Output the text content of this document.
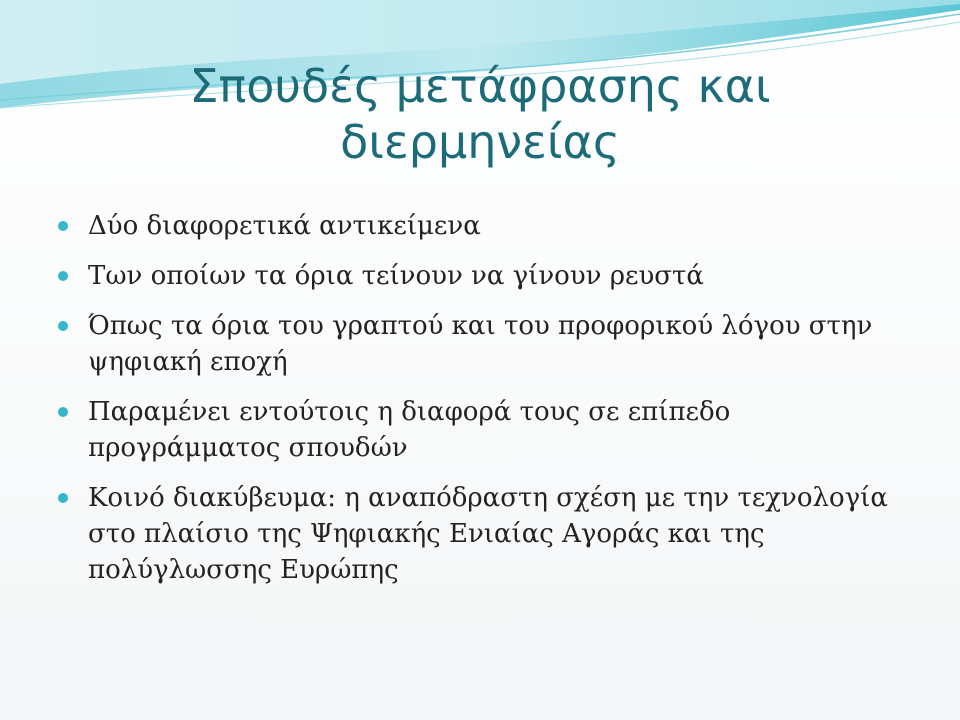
Σπουδές μετάφρασης και διερμηνείας
Δύο διαφορετικά αντικείμενα
Των οποίων τα όρια τείνουν να γίνουν ρευστά
Όπως τα όρια του γραπτού και του προφορικού λόγου στην ψηφιακή εποχή
Παραμένει εντούτοις η διαφορά τους σε επίπεδο προγράμματος σπουδών
Κοινό διακύβευμα: η αναπόδραστη σχέση με την τεχνολογία στο πλαίσιο της Ψηφιακής Ενιαίας Αγοράς και της πολύγλωσσης Ευρώπης
